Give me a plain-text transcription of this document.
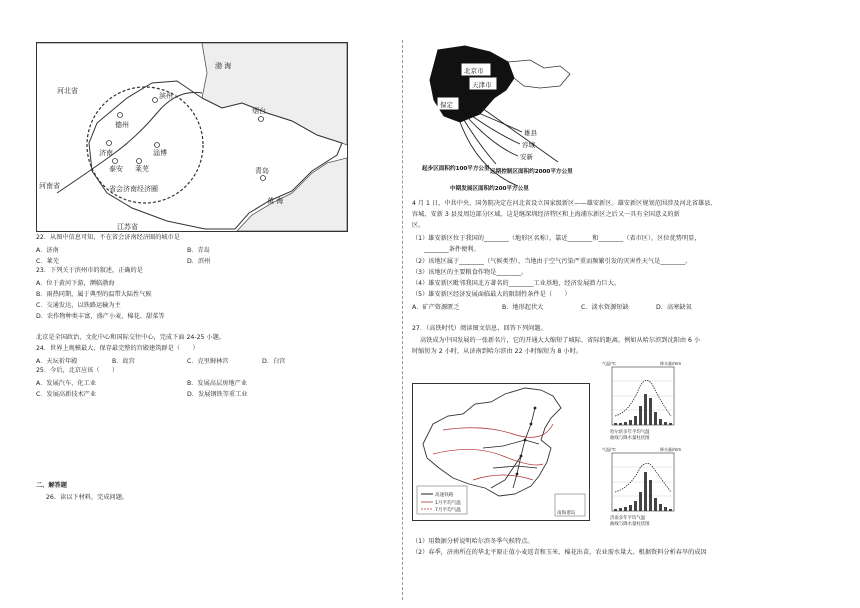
渤 海
河北省
滨州
德州
济南
泰安 莱芜
淄博
烟台
青岛
河南省	省会济南经济圈
黄 海
江苏省
22．从图中信息可知，不在省会济南经济圈的城市是
A．济南	B．青岛
C．莱芜	D．滨州
23．下列关于滨州市的叙述，正确的是
A．位于黄河下游，濒临渤海
B．雨热同期，属于典型的温带大陆性气候
C．交通发达，以铁路运输为主
D．农作物种类丰富，盛产小麦、棉花、甜菜等
北京是全国政治、文化中心和国际交往中心，完成下面 24-25 小题。
24．世界上规模最大、保存最完整的宫殿建筑群是（　　）
A．天坛祈年殿	B．故宫	C．克里姆林宫	D．白宫
25．今后，北京应该（　　）
A．发展汽车、化工业	B．发展高层房地产业
C．发展高新技术产业	D．发展钢铁等重工业
二、解答题
26．读以下材料，完成问题。
北京市
天津市
保定
雄县
容城
安新
起步区面积约100平方公里 远期控制区面积约2000平方公里
中期发展区面积约200平方公里
4 月 1 日，中共中央、国务院决定在河北省设立国家级新区——雄安新区。雄安新区规划范围涉及河北省雄县、
容城、安新 3 县及周边部分区域。这是继深圳经济特区和上海浦东新区之后又一具有全国意义的新
区。
（1）雄安新区位于我国的________（地形区名称），靠近________和________（省市区），区位优势明显，
________条件便利。
（2）该地区属于________（气候类型），当地由于空气污染严重而频繁引发的灾害性天气是________。
（3）该地区的主要粮食作物是________。
（4）雄安新区毗邻我国北方著名的________工业基地，经济发展潜力巨大。
（5）雄安新区经济发展面临最大的限制性条件是（　　）
A．矿产资源匮乏	B．地形起伏大	C．淡水资源短缺	D．高寒缺氧
27．（高铁时代）阅读图文信息，回答下列问题。
高铁成为中国发展的一张新名片，它的开通大大缩短了城际、省际的距离，例如从哈尔滨到沈阳由 6 小
时缩短为 2 小时，从济南到哈尔滨由 22 小时缩短为 8 小时。
高速铁路
1月平均气温
7月平均气温
南海诸岛
气温/℃	降水量/mm
哈尔滨多年平均气温
曲线与降水量柱状图
气温/℃	降水量/mm
济南多年平均气温
曲线与降水量柱状图
（1）用数据分析说明哈尔滨冬季气候特点。
（2）春季，济南所在的华北平原正值小麦返青和玉米、棉花出苗，农业需水量大。根据资料分析春旱的成因
